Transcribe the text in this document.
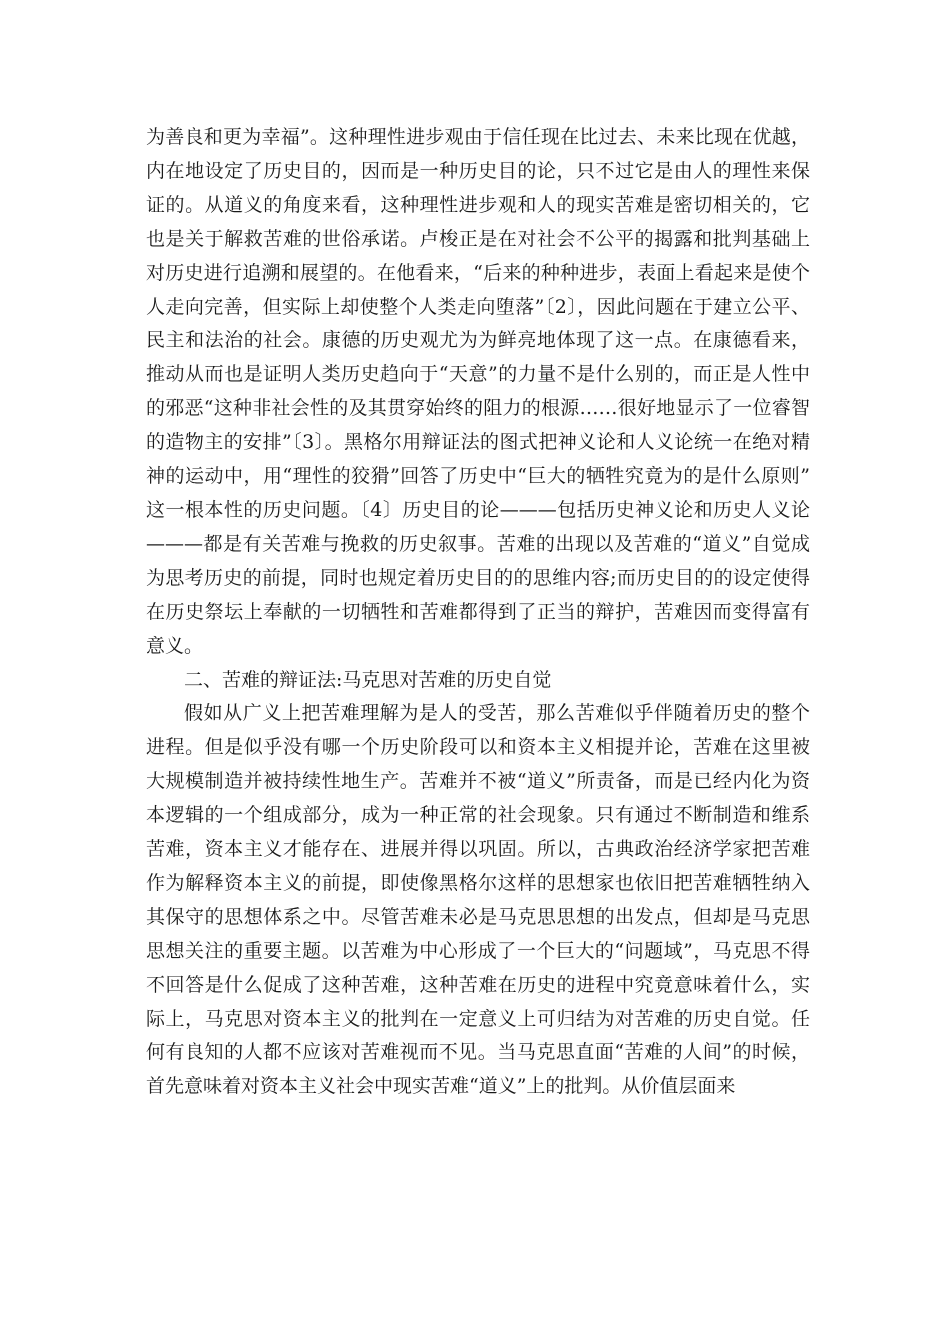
为善良和更为幸福”。这种理性进步观由于信任现在比过去、未来比现在优越，内在地设定了历史目的，因而是一种历史目的论，只不过它是由人的理性来保证的。从道义的角度来看，这种理性进步观和人的现实苦难是密切相关的，它也是关于解救苦难的世俗承诺。卢梭正是在对社会不公平的揭露和批判基础上对历史进行追溯和展望的。在他看来，“后来的种种进步，表面上看起来是使个人走向完善，但实际上却使整个人类走向堕落”〔2〕，因此问题在于建立公平、民主和法治的社会。康德的历史观尤为为鲜亮地体现了这一点。在康德看来，推动从而也是证明人类历史趋向于“天意”的力量不是什么别的，而正是人性中的邪恶“这种非社会性的及其贯穿始终的阻力的根源……很好地显示了一位睿智的造物主的安排”〔3〕。黑格尔用辩证法的图式把神义论和人义论统一在绝对精神的运动中，用“理性的狡猾”回答了历史中“巨大的牺牲究竟为的是什么原则”这一根本性的历史问题。〔4〕历史目的论———包括历史神义论和历史人义论———都是有关苦难与挽救的历史叙事。苦难的出现以及苦难的“道义”自觉成为思考历史的前提，同时也规定着历史目的的思维内容;而历史目的的设定使得在历史祭坛上奉献的一切牺牲和苦难都得到了正当的辩护，苦难因而变得富有意义。

二、苦难的辩证法:马克思对苦难的历史自觉

假如从广义上把苦难理解为是人的受苦，那么苦难似乎伴随着历史的整个进程。但是似乎没有哪一个历史阶段可以和资本主义相提并论，苦难在这里被大规模制造并被持续性地生产。苦难并不被“道义”所责备，而是已经内化为资本逻辑的一个组成部分，成为一种正常的社会现象。只有通过不断制造和维系苦难，资本主义才能存在、进展并得以巩固。所以，古典政治经济学家把苦难作为解释资本主义的前提，即使像黑格尔这样的思想家也依旧把苦难牺牲纳入其保守的思想体系之中。尽管苦难未必是马克思思想的出发点，但却是马克思思想关注的重要主题。以苦难为中心形成了一个巨大的“问题域”，马克思不得不回答是什么促成了这种苦难，这种苦难在历史的进程中究竟意味着什么，实际上，马克思对资本主义的批判在一定意义上可归结为对苦难的历史自觉。任何有良知的人都不应该对苦难视而不见。当马克思直面“苦难的人间”的时候，首先意味着对资本主义社会中现实苦难“道义”上的批判。从价值层面来
